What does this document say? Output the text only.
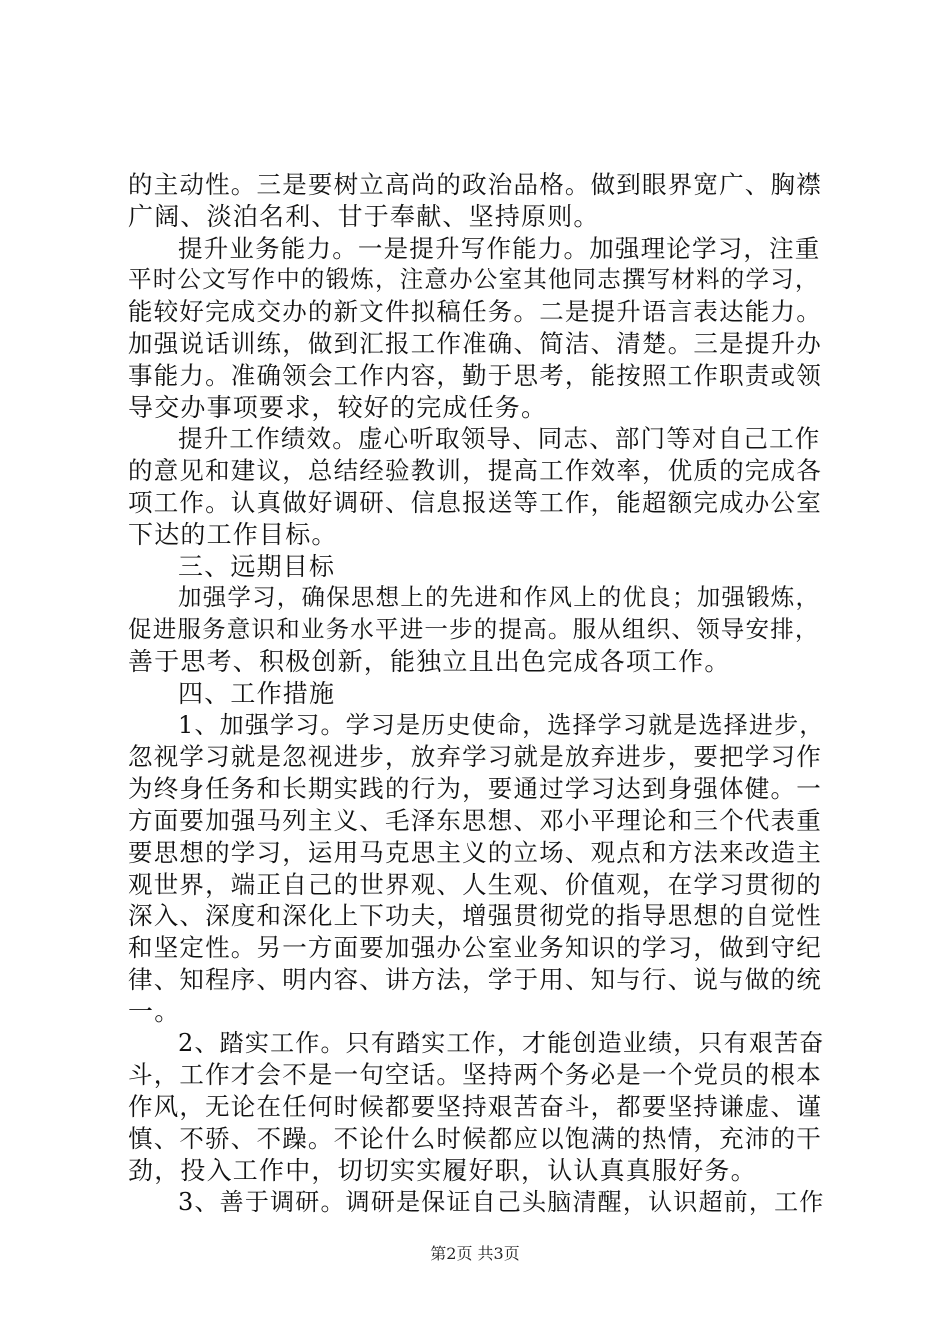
的主动性。三是要树立高尚的政治品格。做到眼界宽广、胸襟
广阔、淡泊名利、甘于奉献、坚持原则。
提升业务能力。一是提升写作能力。加强理论学习，注重
平时公文写作中的锻炼，注意办公室其他同志撰写材料的学习，
能较好完成交办的新文件拟稿任务。二是提升语言表达能力。
加强说话训练，做到汇报工作准确、简洁、清楚。三是提升办
事能力。准确领会工作内容，勤于思考，能按照工作职责或领
导交办事项要求，较好的完成任务。
提升工作绩效。虚心听取领导、同志、部门等对自己工作
的意见和建议，总结经验教训，提高工作效率，优质的完成各
项工作。认真做好调研、信息报送等工作，能超额完成办公室
下达的工作目标。
三、远期目标
加强学习，确保思想上的先进和作风上的优良；加强锻炼，
促进服务意识和业务水平进一步的提高。服从组织、领导安排，
善于思考、积极创新，能独立且出色完成各项工作。
四、工作措施
1、加强学习。学习是历史使命，选择学习就是选择进步，
忽视学习就是忽视进步，放弃学习就是放弃进步，要把学习作
为终身任务和长期实践的行为，要通过学习达到身强体健。一
方面要加强马列主义、毛泽东思想、邓小平理论和三个代表重
要思想的学习，运用马克思主义的立场、观点和方法来改造主
观世界，端正自己的世界观、人生观、价值观，在学习贯彻的
深入、深度和深化上下功夫，增强贯彻党的指导思想的自觉性
和坚定性。另一方面要加强办公室业务知识的学习，做到守纪
律、知程序、明内容、讲方法，学于用、知与行、说与做的统
一。
2、踏实工作。只有踏实工作，才能创造业绩，只有艰苦奋
斗，工作才会不是一句空话。坚持两个务必是一个党员的根本
作风，无论在任何时候都要坚持艰苦奋斗，都要坚持谦虚、谨
慎、不骄、不躁。不论什么时候都应以饱满的热情，充沛的干
劲，投入工作中，切切实实履好职，认认真真服好务。
3、善于调研。调研是保证自己头脑清醒，认识超前，工作
第2页 共3页
